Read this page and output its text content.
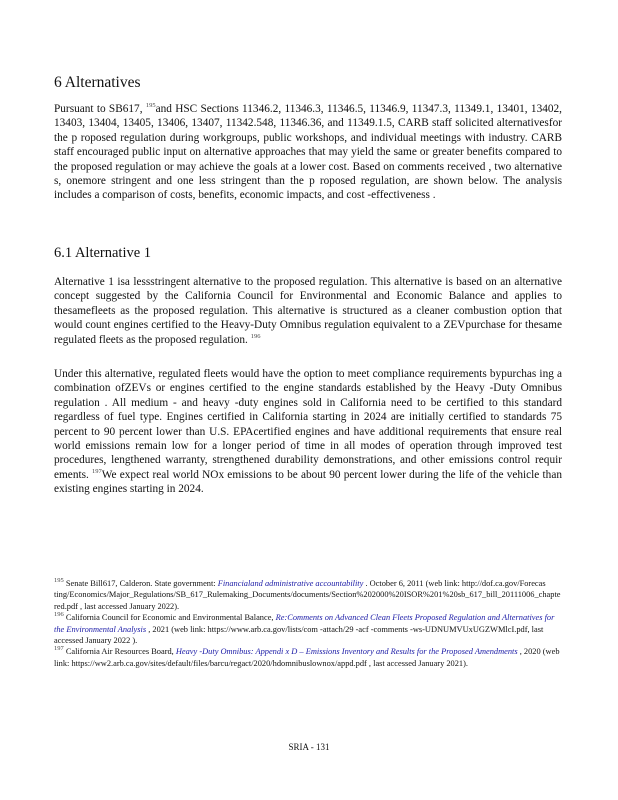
6 Alternatives

Pursuant to SB617, $^{195}$and HSC Sections 11346.2, 11346.3, 11346.5, 11346.9, 11347.3, 11349.1, 13401, 13402, 13403, 13404, 13405, 13406, 13407, 11342.548, 11346.36, and 11349.1.5, CARB staff solicited alternativesfor the p roposed regulation during workgroups, public workshops, and individual meetings with industry. CARB staff encouraged public input on alternative approaches that may yield the same or greater benefits compared to the proposed regulation or may achieve the goals at a lower cost. Based on comments received , two alternative s, onemore stringent and one less stringent than the p roposed regulation, are shown below. The analysis includes a comparison of costs, benefits, economic impacts, and cost -effectiveness .

6.1 Alternative 1

Alternative 1 isa lessstringent alternative to the proposed regulation. This alternative is based on an alternative concept suggested by the California Council for Environmental and Economic Balance and applies to thesamefleets as the proposed regulation. This alternative is structured as a cleaner combustion option that would count engines certified to the Heavy-Duty Omnibus regulation equivalent to a ZEVpurchase for thesame regulated fleets as the proposed regulation. $^{196}$

Under this alternative, regulated fleets would have the option to meet compliance requirements bypurchas ing a combination ofZEVs or engines certified to the engine standards established by the Heavy -Duty Omnibus regulation . All medium - and heavy -duty engines sold in California need to be certified to this standard regardless of fuel type. Engines certified in California starting in 2024 are initially certified to standards 75 percent to 90 percent lower than U.S. EPAcertified engines and have additional requirements that ensure real world emissions remain low for a longer period of time in all modes of operation through improved test procedures, lengthened warranty, strengthened durability demonstrations, and other emissions control requir ements. $^{197}$We expect real world NOx emissions to be about 90 percent lower during the life of the vehicle than existing engines starting in 2024.

$^{195}$ Senate Bill617, Calderon. State government: Financialand administrative accountability . October 6, 2011 (web link: http://dof.ca.gov/Forecas ting/Economics/Major_Regulations/SB_617_Rulemaking_Documents/documents/Section%202000%20ISOR%201%20sb_617_bill_20111006_chaptered.pdf , last accessed January 2022).

$^{196}$ California Council for Economic and Environmental Balance, Re:Comments on Advanced Clean Fleets Proposed Regulation and Alternatives for the Environmental Analysis , 2021 (web link: https://www.arb.ca.gov/lists/com -attach/29 -acf -comments -ws-UDNUMVUxUGZWMlcI.pdf, last accessed January 2022 ).

$^{197}$ California Air Resources Board, Heavy -Duty Omnibus: Appendi x D – Emissions Inventory and Results for the Proposed Amendments , 2020 (web link: https://ww2.arb.ca.gov/sites/default/files/barcu/regact/2020/hdomnibuslownox/appd.pdf , last accessed January 2021).

SRIA - 131
